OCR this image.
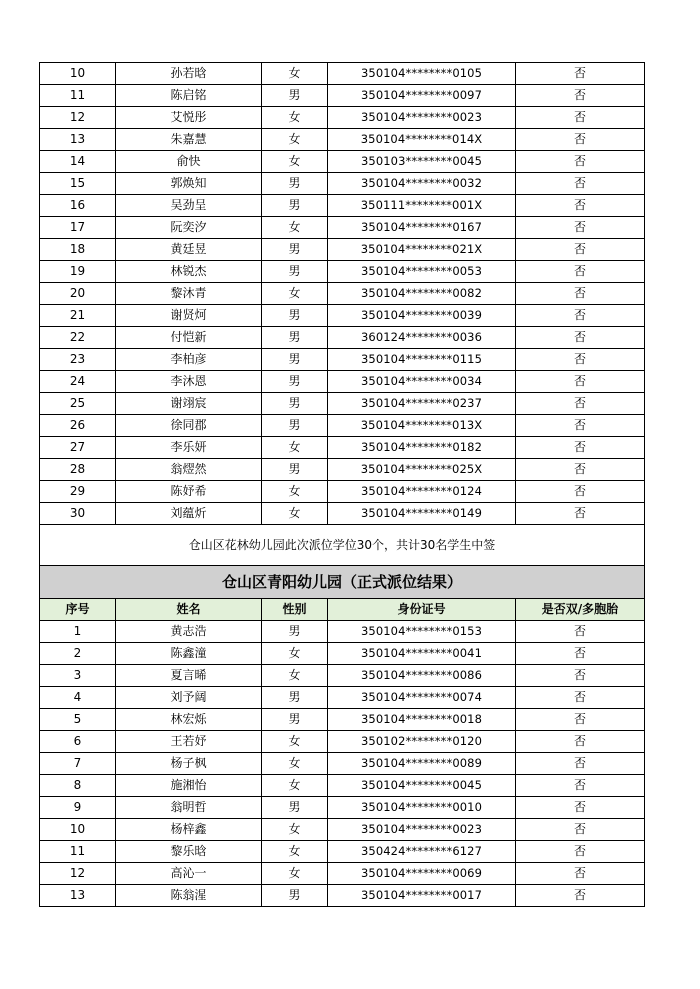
10	孙若晗	女	350104********0105	否
11	陈启铭	男	350104********0097	否
12	艾悦彤	女	350104********0023	否
13	朱嘉慧	女	350104********014X	否
14	俞快	女	350103********0045	否
15	郭焕知	男	350104********0032	否
16	吴劲呈	男	350111********001X	否
17	阮奕汐	女	350104********0167	否
18	黄廷昱	男	350104********021X	否
19	林锐杰	男	350104********0053	否
20	黎沐青	女	350104********0082	否
21	谢贤炣	男	350104********0039	否
22	付恺新	男	360124********0036	否
23	李柏彦	男	350104********0115	否
24	李沐恩	男	350104********0034	否
25	谢翊宸	男	350104********0237	否
26	徐同郡	男	350104********013X	否
27	李乐妍	女	350104********0182	否
28	翁熤然	男	350104********025X	否
29	陈妤希	女	350104********0124	否
30	刘蕴炘	女	350104********0149	否
仓山区花林幼儿园此次派位学位30个，共计30名学生中签				
仓山区青阳幼儿园（正式派位结果）				
序号	姓名	性别	身份证号	是否双/多胞胎
1	黄志浩	男	350104********0153	否
2	陈鑫潼	女	350104********0041	否
3	夏言晞	女	350104********0086	否
4	刘予阔	男	350104********0074	否
5	林宏烁	男	350104********0018	否
6	王若妤	女	350102********0120	否
7	杨子枫	女	350104********0089	否
8	施湘怡	女	350104********0045	否
9	翁明哲	男	350104********0010	否
10	杨梓鑫	女	350104********0023	否
11	黎乐晗	女	350424********6127	否
12	高沁一	女	350104********0069	否
13	陈翁湦	男	350104********0017	否
